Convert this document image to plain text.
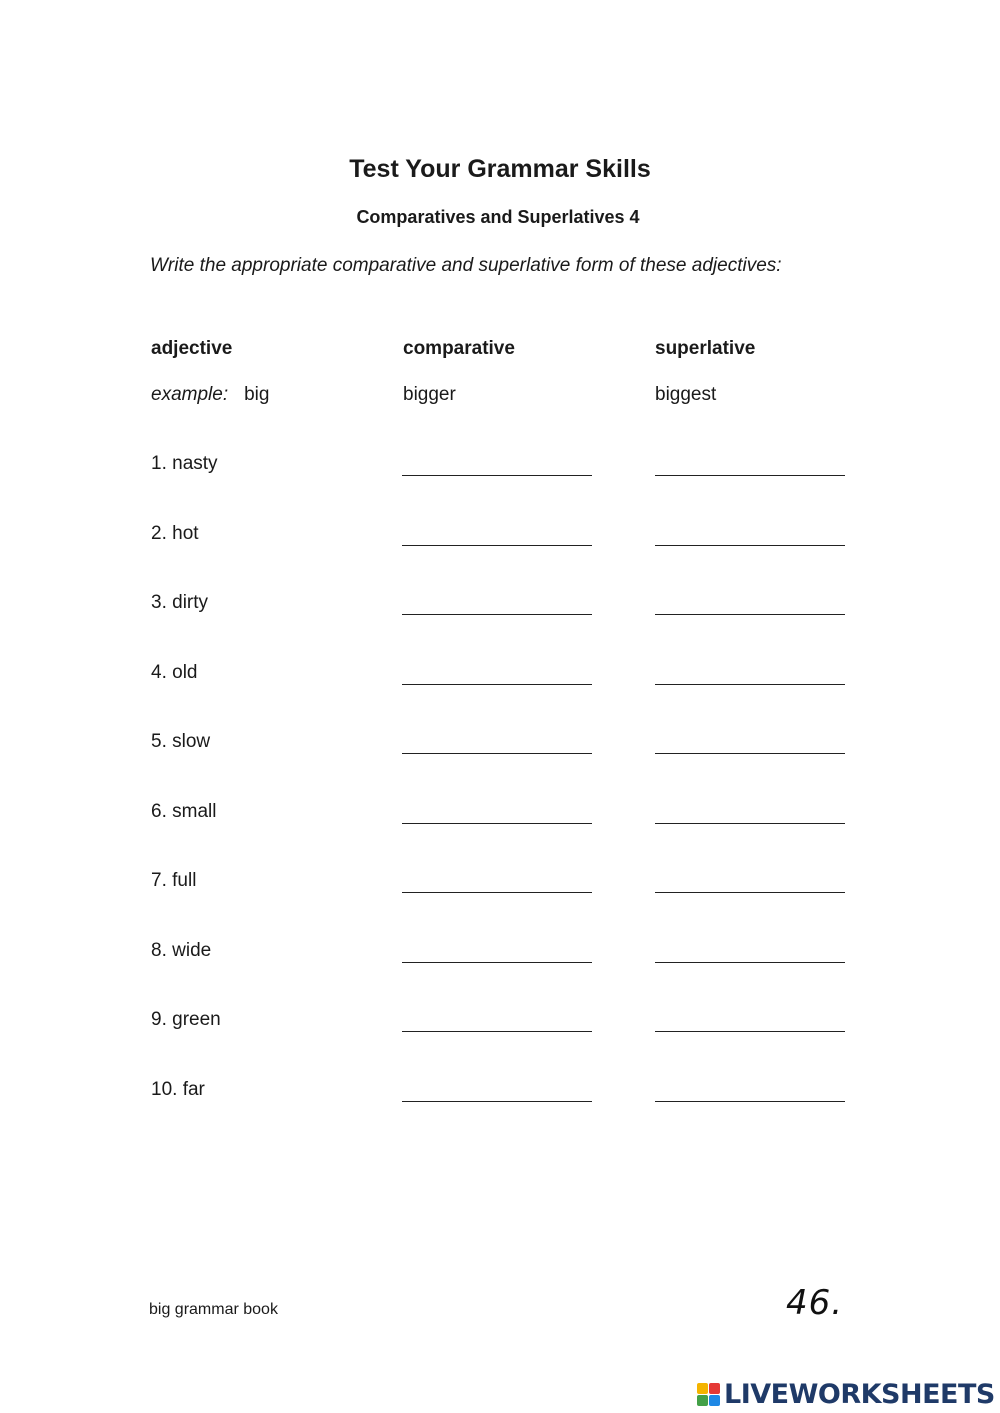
Test Your Grammar Skills
Comparatives and Superlatives 4
Write the appropriate comparative and superlative form of these adjectives:
adjective	comparative	superlative
example: big	bigger	biggest
1. nasty
2. hot
3. dirty
4. old
5. slow
6. small
7. full
8. wide
9. green
10. far
big grammar book	46.
LIVEWORKSHEETS
